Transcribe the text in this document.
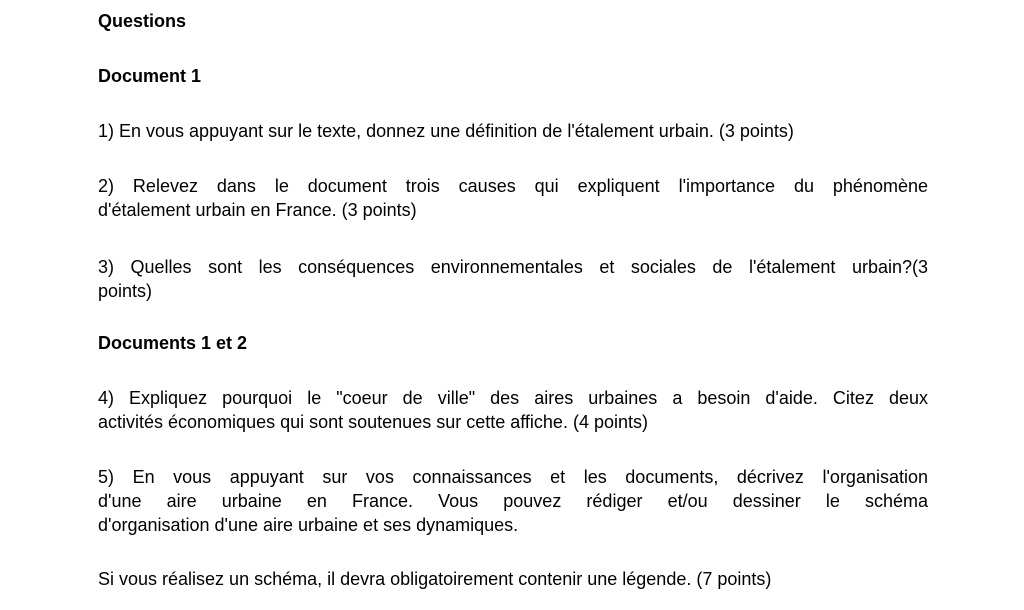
Questions
Document 1
1) En vous appuyant sur le texte, donnez une définition de l'étalement urbain. (3 points)
2) Relevez dans le document trois causes qui expliquent l'importance du phénomène
d'étalement urbain en France. (3 points)
3) Quelles sont les conséquences environnementales et sociales de l'étalement urbain?(3
points)
Documents 1 et 2
4) Expliquez pourquoi le "coeur de ville" des aires urbaines a besoin d'aide. Citez deux
activités économiques qui sont soutenues sur cette affiche. (4 points)
5) En vous appuyant sur vos connaissances et les documents, décrivez l'organisation
d'une aire urbaine en France. Vous pouvez rédiger et/ou dessiner le schéma
d'organisation d'une aire urbaine et ses dynamiques.
Si vous réalisez un schéma, il devra obligatoirement contenir une légende. (7 points)
